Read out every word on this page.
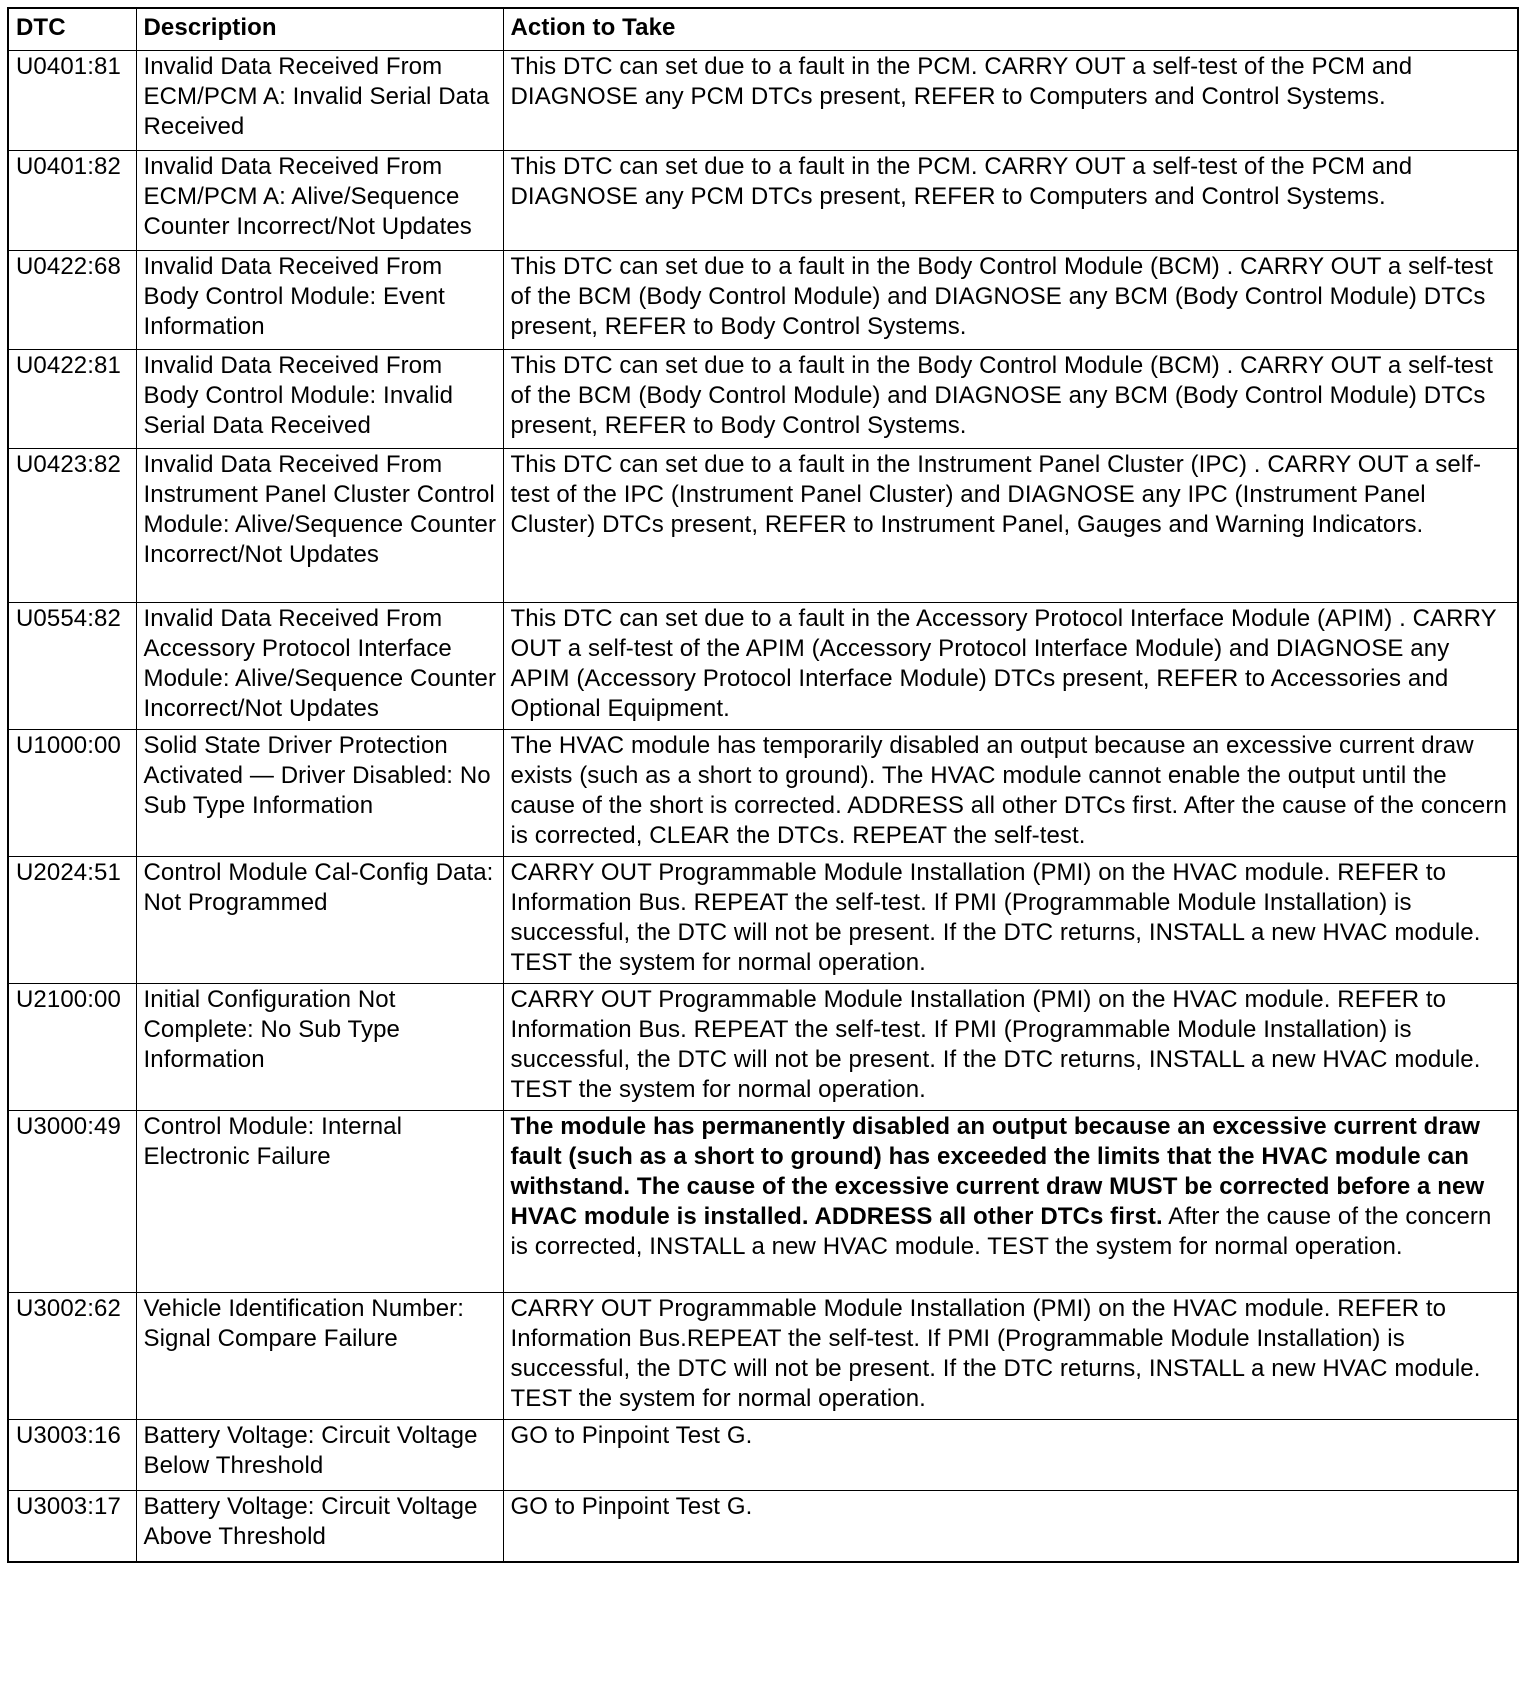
DTC	Description	Action to Take
U0401:81	Invalid Data Received From ECM/PCM A: Invalid Serial Data Received	This DTC can set due to a fault in the PCM. CARRY OUT a self-test of the PCM and DIAGNOSE any PCM DTCs present, REFER to Computers and Control Systems.
U0401:82	Invalid Data Received From ECM/PCM A: Alive/Sequence Counter Incorrect/Not Updates	This DTC can set due to a fault in the PCM. CARRY OUT a self-test of the PCM and DIAGNOSE any PCM DTCs present, REFER to Computers and Control Systems.
U0422:68	Invalid Data Received From Body Control Module: Event Information	This DTC can set due to a fault in the Body Control Module (BCM) . CARRY OUT a self-test of the BCM (Body Control Module) and DIAGNOSE any BCM (Body Control Module) DTCs present, REFER to Body Control Systems.
U0422:81	Invalid Data Received From Body Control Module: Invalid Serial Data Received	This DTC can set due to a fault in the Body Control Module (BCM) . CARRY OUT a self-test of the BCM (Body Control Module) and DIAGNOSE any BCM (Body Control Module) DTCs present, REFER to Body Control Systems.
U0423:82	Invalid Data Received From Instrument Panel Cluster Control Module: Alive/Sequence Counter Incorrect/Not Updates	This DTC can set due to a fault in the Instrument Panel Cluster (IPC) . CARRY OUT a self-test of the IPC (Instrument Panel Cluster) and DIAGNOSE any IPC (Instrument Panel Cluster) DTCs present, REFER to Instrument Panel, Gauges and Warning Indicators.
U0554:82	Invalid Data Received From Accessory Protocol Interface Module: Alive/Sequence Counter Incorrect/Not Updates	This DTC can set due to a fault in the Accessory Protocol Interface Module (APIM) . CARRY OUT a self-test of the APIM (Accessory Protocol Interface Module) and DIAGNOSE any APIM (Accessory Protocol Interface Module) DTCs present, REFER to Accessories and Optional Equipment.
U1000:00	Solid State Driver Protection Activated — Driver Disabled: No Sub Type Information	The HVAC module has temporarily disabled an output because an excessive current draw exists (such as a short to ground). The HVAC module cannot enable the output until the cause of the short is corrected. ADDRESS all other DTCs first. After the cause of the concern is corrected, CLEAR the DTCs. REPEAT the self-test.
U2024:51	Control Module Cal-Config Data: Not Programmed	CARRY OUT Programmable Module Installation (PMI) on the HVAC module. REFER to Information Bus. REPEAT the self-test. If PMI (Programmable Module Installation) is successful, the DTC will not be present. If the DTC returns, INSTALL a new HVAC module. TEST the system for normal operation.
U2100:00	Initial Configuration Not Complete: No Sub Type Information	CARRY OUT Programmable Module Installation (PMI) on the HVAC module. REFER to Information Bus. REPEAT the self-test. If PMI (Programmable Module Installation) is successful, the DTC will not be present. If the DTC returns, INSTALL a new HVAC module. TEST the system for normal operation.
U3000:49	Control Module: Internal Electronic Failure	The module has permanently disabled an output because an excessive current draw fault (such as a short to ground) has exceeded the limits that the HVAC module can withstand. The cause of the excessive current draw MUST be corrected before a new HVAC module is installed. ADDRESS all other DTCs first. After the cause of the concern is corrected, INSTALL a new HVAC module. TEST the system for normal operation.
U3002:62	Vehicle Identification Number: Signal Compare Failure	CARRY OUT Programmable Module Installation (PMI) on the HVAC module. REFER to Information Bus.REPEAT the self-test. If PMI (Programmable Module Installation) is successful, the DTC will not be present. If the DTC returns, INSTALL a new HVAC module. TEST the system for normal operation.
U3003:16	Battery Voltage: Circuit Voltage Below Threshold	GO to Pinpoint Test G.
U3003:17	Battery Voltage: Circuit Voltage Above Threshold	GO to Pinpoint Test G.
